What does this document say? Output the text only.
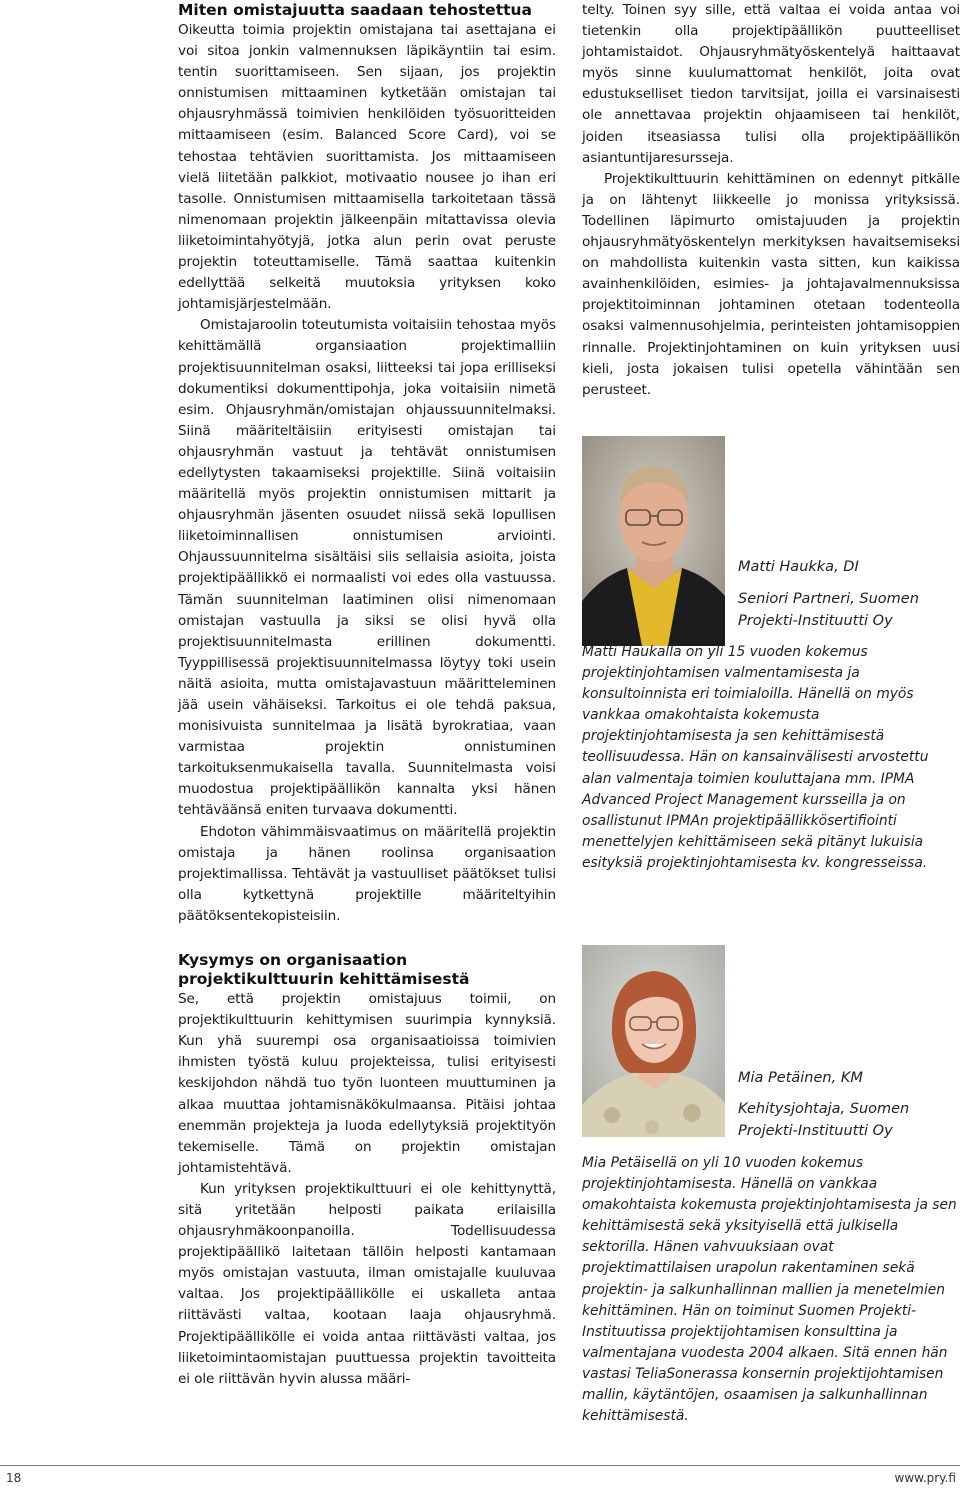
Miten omistajuutta saadaan tehostettua

Oikeutta toimia projektin omistajana tai asettajana ei voi sitoa jonkin valmennuksen läpikäyntiin tai esim. tentin suorittamiseen. Sen sijaan, jos projektin onnistumisen mittaaminen kytketään omistajan tai ohjausryhmässä toimivien henkilöiden työsuoritteiden mittaamiseen (esim. Balanced Score Card), voi se tehostaa tehtävien suorittamista. Jos mittaamiseen vielä liitetään palkkiot, motivaatio nousee jo ihan eri tasolle. Onnistumisen mittaamisella tarkoitetaan tässä nimenomaan projektin jälkeenpäin mitattavissa olevia liiketoimintahyötyjä, jotka alun perin ovat peruste projektin toteuttamiselle. Tämä saattaa kuitenkin edellyttää selkeitä muutoksia yrityksen koko johtamisjärjestelmään.

Omistajaroolin toteutumista voitaisiin tehostaa myös kehittämällä organsiaation projektimalliin projektisuunnitelman osaksi, liitteeksi tai jopa erilliseksi dokumentiksi dokumenttipohja, joka voitaisiin nimetä esim. Ohjausryhmän/omistajan ohjaussuunnitelmaksi. Siinä määriteltäisiin erityisesti omistajan tai ohjausryhmän vastuut ja tehtävät onnistumisen edellytysten takaamiseksi projektille. Siinä voitaisiin määritellä myös projektin onnistumisen mittarit ja ohjausryhmän jäsenten osuudet niissä sekä lopullisen liiketoiminnallisen onnistumisen arviointi. Ohjaussuunnitelma sisältäisi siis sellaisia asioita, joista projektipäällikkö ei normaalisti voi edes olla vastuussa. Tämän suunnitelman laatiminen olisi nimenomaan omistajan vastuulla ja siksi se olisi hyvä olla projektisuunnitelmasta erillinen dokumentti. Tyyppillisessä projektisuunnitelmassa löytyy toki usein näitä asioita, mutta omistajavastuun määritteleminen jää usein vähäiseksi. Tarkoitus ei ole tehdä paksua, monisivuista sunnitelmaa ja lisätä byrokratiaa, vaan varmistaa projektin onnistuminen tarkoituksenmukaisella tavalla. Suunnitelmasta voisi muodostua projektipäällikön kannalta yksi hänen tehtäväänsä eniten turvaava dokumentti.

Ehdoton vähimmäisvaatimus on määritellä projektin omistaja ja hänen roolinsa organisaation projektimallissa. Tehtävät ja vastuulliset päätökset tulisi olla kytkettynä projektille määriteltyihin päätöksentekopisteisiin.

Kysymys on organisaation
projektikulttuurin kehittämisestä

Se, että projektin omistajuus toimii, on projektikulttuurin kehittymisen suurimpia kynnyksiä. Kun yhä suurempi osa organisaatioissa toimivien ihmisten työstä kuluu projekteissa, tulisi erityisesti keskijohdon nähdä tuo työn luonteen muuttuminen ja alkaa muuttaa johtamisnäkökulmaansa. Pitäisi johtaa enemmän projekteja ja luoda edellytyksiä projektityön tekemiselle. Tämä on projektin omistajan johtamistehtävä.

Kun yrityksen projektikulttuuri ei ole kehittynyttä, sitä yritetään helposti paikata erilaisilla ohjausryhmäkoonpanoilla. Todellisuudessa projektipäällikö laitetaan tällöin helposti kantamaan myös omistajan vastuuta, ilman omistajalle kuuluvaa valtaa. Jos projektipäällikölle ei uskalleta antaa riittävästi valtaa, kootaan laaja ohjausryhmä. Projektipäällikölle ei voida antaa riittävästi valtaa, jos liiketoimintaomistajan puuttuessa projektin tavoitteita ei ole riittävän hyvin alussa määri-

telty. Toinen syy sille, että valtaa ei voida antaa voi tietenkin olla projektipäällikön puutteelliset johtamistaidot. Ohjausryhmätyöskentelyä haittaavat myös sinne kuulumattomat henkilöt, joita ovat edustukselliset tiedon tarvitsijat, joilla ei varsinaisesti ole annettavaa projektin ohjaamiseen tai henkilöt, joiden itseasiassa tulisi olla projektipäällikön asiantuntijaresursseja.

Projektikulttuurin kehittäminen on edennyt pitkälle ja on lähtenyt liikkeelle jo monissa yrityksissä. Todellinen läpimurto omistajuuden ja projektin ohjausryhmätyöskentelyn merkityksen havaitsemiseksi on mahdollista kuitenkin vasta sitten, kun kaikissa avainhenkilöiden, esimies- ja johtajavalmennuksissa projektitoiminnan johtaminen otetaan todenteolla osaksi valmennusohjelmia, perinteisten johtamisoppien rinnalle. Projektinjohtaminen on kuin yrityksen uusi kieli, josta jokaisen tulisi opetella vähintään sen perusteet.

Matti Haukka, DI
Seniori Partneri, Suomen
Projekti-Instituutti Oy
Matti Haukalla on yli 15 vuoden kokemus projektinjohtamisen valmentamisesta ja konsultoinnista eri toimialoilla. Hänellä on myös vankkaa omakohtaista kokemusta projektinjohtamisesta ja sen kehittämisestä teollisuudessa. Hän on kansainvälisesti arvostettu alan valmentaja toimien kouluttajana mm. IPMA Advanced Project Management kursseilla ja on osallistunut IPMAn projektipäällikkösertifiointi menettelyjen kehittämiseen sekä pitänyt lukuisia esityksiä projektinjohtamisesta kv. kongresseissa.
Mia Petäinen, KM
Kehitysjohtaja, Suomen
Projekti-Instituutti Oy
Mia Petäisellä on yli 10 vuoden kokemus projektinjohtamisesta. Hänellä on vankkaa omakohtaista kokemusta projektinjohtamisesta ja sen kehittämisestä sekä yksityisellä että julkisella sektorilla. Hänen vahvuuksiaan ovat projektimattilaisen urapolun rakentaminen sekä projektin- ja salkunhallinnan mallien ja menetelmien kehittäminen. Hän on toiminut Suomen Projekti-Instituutissa projektijohtamisen konsulttina ja valmentajana vuodesta 2004 alkaen. Sitä ennen hän vastasi TeliaSonerassa konsernin projektijohtamisen mallin, käytäntöjen, osaamisen ja salkunhallinnan kehittämisestä.
18	www.pry.fi
